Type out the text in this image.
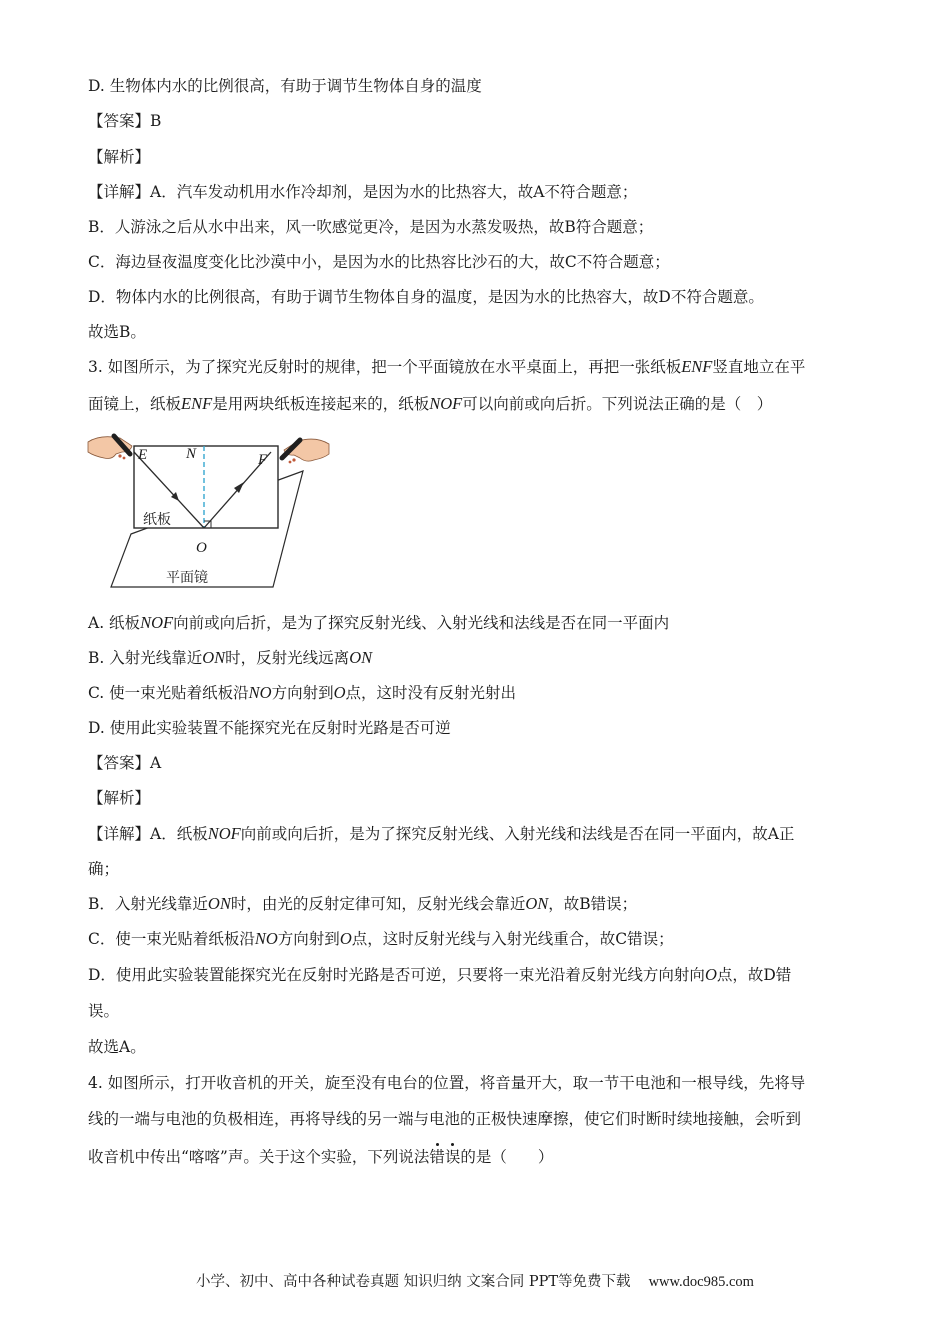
D. 生物体内水的比例很高，有助于调节生物体自身的温度
【答案】B
【解析】
【详解】A．汽车发动机用水作冷却剂，是因为水的比热容大，故A不符合题意；
B．人游泳之后从水中出来，风一吹感觉更冷，是因为水蒸发吸热，故B符合题意；
C．海边昼夜温度变化比沙漠中小，是因为水的比热容比沙石的大，故C不符合题意；
D．物体内水的比例很高，有助于调节生物体自身的温度，是因为水的比热容大，故D不符合题意。
故选B。
3. 如图所示，为了探究光反射时的规律，把一个平面镜放在水平桌面上，再把一张纸板ENF竖直地立在平
面镜上，纸板ENF是用两块纸板连接起来的，纸板NOF可以向前或向后折。下列说法正确的是（　）
E	N	F
纸板
O
平面镜
A. 纸板NOF向前或向后折，是为了探究反射光线、入射光线和法线是否在同一平面内
B. 入射光线靠近ON时，反射光线远离ON
C. 使一束光贴着纸板沿NO方向射到O点，这时没有反射光射出
D. 使用此实验装置不能探究光在反射时光路是否可逆
【答案】A
【解析】
【详解】A．纸板NOF向前或向后折，是为了探究反射光线、入射光线和法线是否在同一平面内，故A正
确；
B．入射光线靠近ON时，由光的反射定律可知，反射光线会靠近ON，故B错误；
C．使一束光贴着纸板沿NO方向射到O点，这时反射光线与入射光线重合，故C错误；
D．使用此实验装置能探究光在反射时光路是否可逆，只要将一束光沿着反射光线方向射向O点，故D错
误。
故选A。
4. 如图所示，打开收音机的开关，旋至没有电台的位置，将音量开大，取一节干电池和一根导线，先将导
线的一端与电池的负极相连，再将导线的另一端与电池的正极快速摩擦，使它们时断时续地接触，会听到
收音机中传出“喀喀”声。关于这个实验，下列说法错误的是（　　）
小学、初中、高中各种试卷真题 知识归纳 文案合同 PPT等免费下载 www.doc985.com
